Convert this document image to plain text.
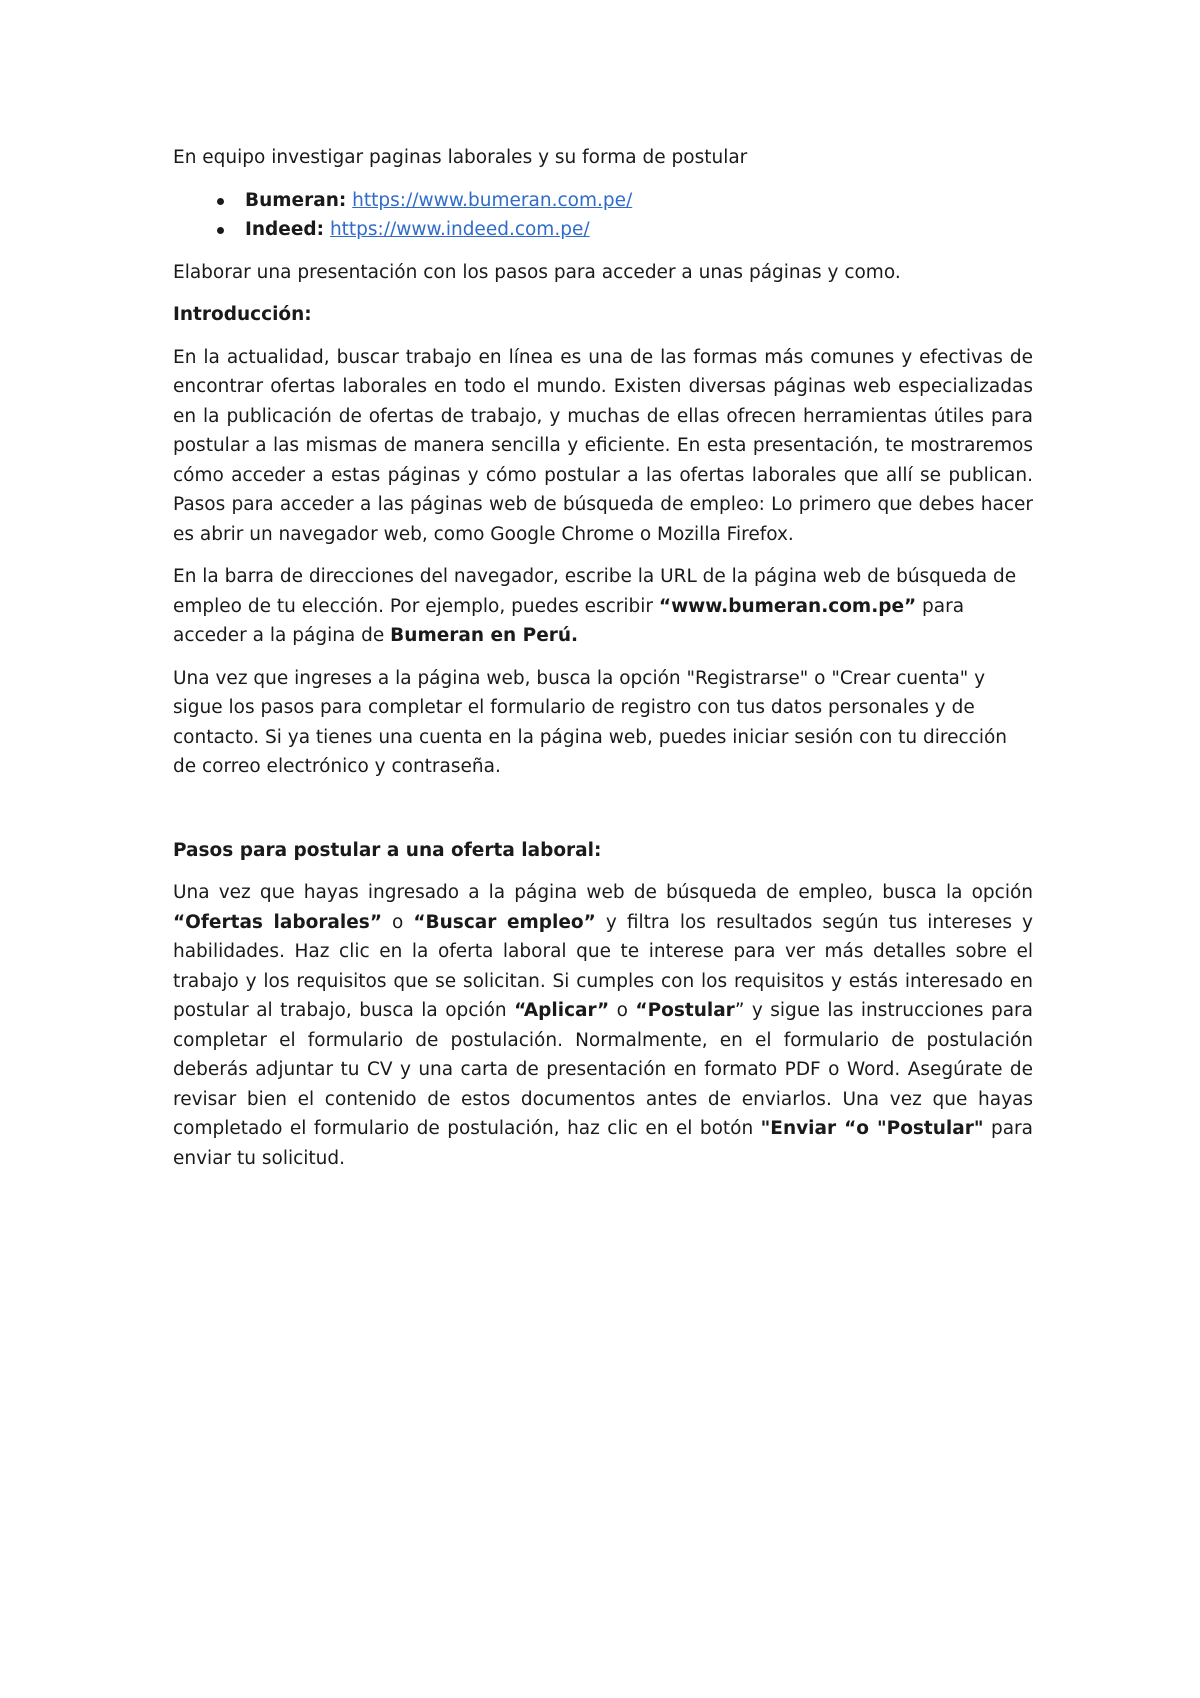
En equipo investigar paginas laborales y su forma de postular

Bumeran: https://www.bumeran.com.pe/
Indeed: https://www.indeed.com.pe/

Elaborar una presentación con los pasos para acceder a unas páginas y como.

Introducción:

En la actualidad, buscar trabajo en línea es una de las formas más comunes y efectivas de encontrar ofertas laborales en todo el mundo. Existen diversas páginas web especializadas en la publicación de ofertas de trabajo, y muchas de ellas ofrecen herramientas útiles para postular a las mismas de manera sencilla y eficiente. En esta presentación, te mostraremos cómo acceder a estas páginas y cómo postular a las ofertas laborales que allí se publican. Pasos para acceder a las páginas web de búsqueda de empleo: Lo primero que debes hacer es abrir un navegador web, como Google Chrome o Mozilla Firefox.

En la barra de direcciones del navegador, escribe la URL de la página web de búsqueda de empleo de tu elección. Por ejemplo, puedes escribir “www.bumeran.com.pe” para acceder a la página de Bumeran en Perú.

Una vez que ingreses a la página web, busca la opción "Registrarse" o "Crear cuenta" y sigue los pasos para completar el formulario de registro con tus datos personales y de contacto. Si ya tienes una cuenta en la página web, puedes iniciar sesión con tu dirección de correo electrónico y contraseña.

Pasos para postular a una oferta laboral:

Una vez que hayas ingresado a la página web de búsqueda de empleo, busca la opción “Ofertas laborales” o “Buscar empleo” y filtra los resultados según tus intereses y habilidades. Haz clic en la oferta laboral que te interese para ver más detalles sobre el trabajo y los requisitos que se solicitan. Si cumples con los requisitos y estás interesado en postular al trabajo, busca la opción “Aplicar” o “Postular” y sigue las instrucciones para completar el formulario de postulación. Normalmente, en el formulario de postulación deberás adjuntar tu CV y una carta de presentación en formato PDF o Word. Asegúrate de revisar bien el contenido de estos documentos antes de enviarlos. Una vez que hayas completado el formulario de postulación, haz clic en el botón "Enviar “o "Postular" para enviar tu solicitud.
